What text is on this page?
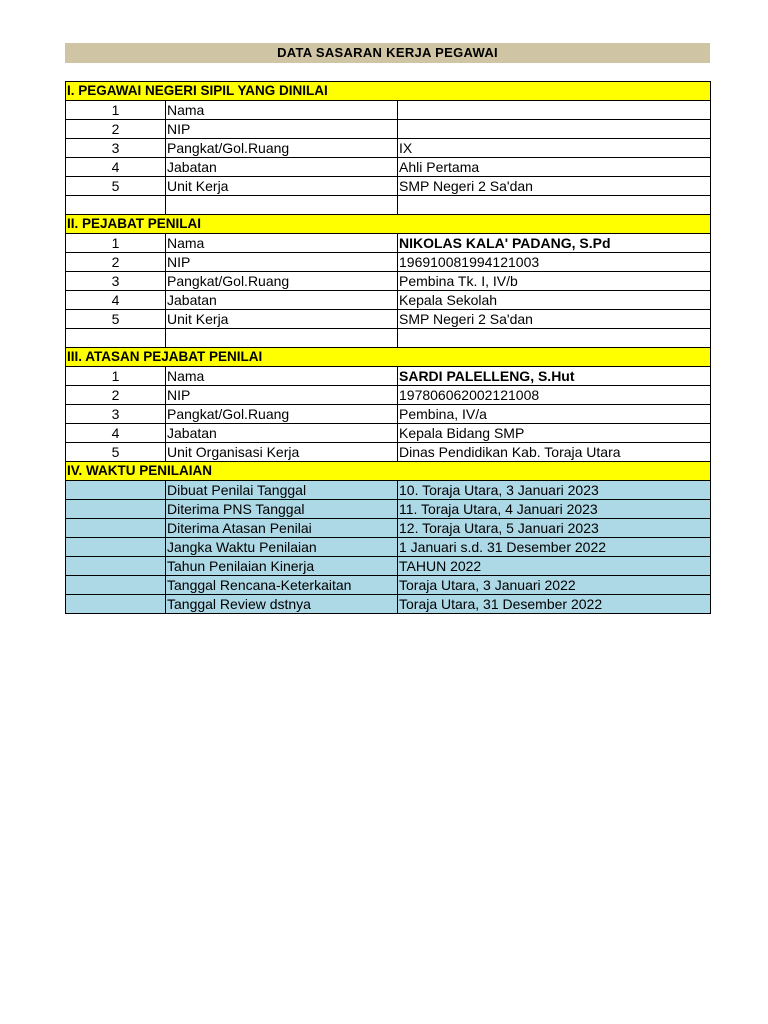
DATA SASARAN KERJA PEGAWAI
I. PEGAWAI NEGERI SIPIL YANG DINILAI		
1	Nama	
2	NIP	
3	Pangkat/Gol.Ruang	IX
4	Jabatan	Ahli Pertama
5	Unit Kerja	SMP Negeri 2 Sa'dan

II. PEJABAT PENILAI		
1	Nama	NIKOLAS KALA' PADANG, S.Pd
2	NIP	196910081994121003
3	Pangkat/Gol.Ruang	Pembina Tk. I, IV/b
4	Jabatan	Kepala Sekolah
5	Unit Kerja	SMP Negeri 2 Sa'dan

III. ATASAN PEJABAT PENILAI		
1	Nama	SARDI PALELLENG, S.Hut
2	NIP	197806062002121008
3	Pangkat/Gol.Ruang	Pembina, IV/a
4	Jabatan	Kepala Bidang SMP
5	Unit Organisasi Kerja	Dinas Pendidikan Kab. Toraja Utara
IV. WAKTU PENILAIAN		
	Dibuat Penilai Tanggal	10. Toraja Utara, 3 Januari 2023
	Diterima PNS Tanggal	11. Toraja Utara, 4 Januari 2023
	Diterima Atasan Penilai	12. Toraja Utara, 5 Januari 2023
	Jangka Waktu Penilaian	1 Januari s.d. 31 Desember 2022
	Tahun Penilaian Kinerja	TAHUN 2022
	Tanggal Rencana-Keterkaitan	Toraja Utara, 3 Januari 2022
	Tanggal Review dstnya	Toraja Utara, 31 Desember 2022
